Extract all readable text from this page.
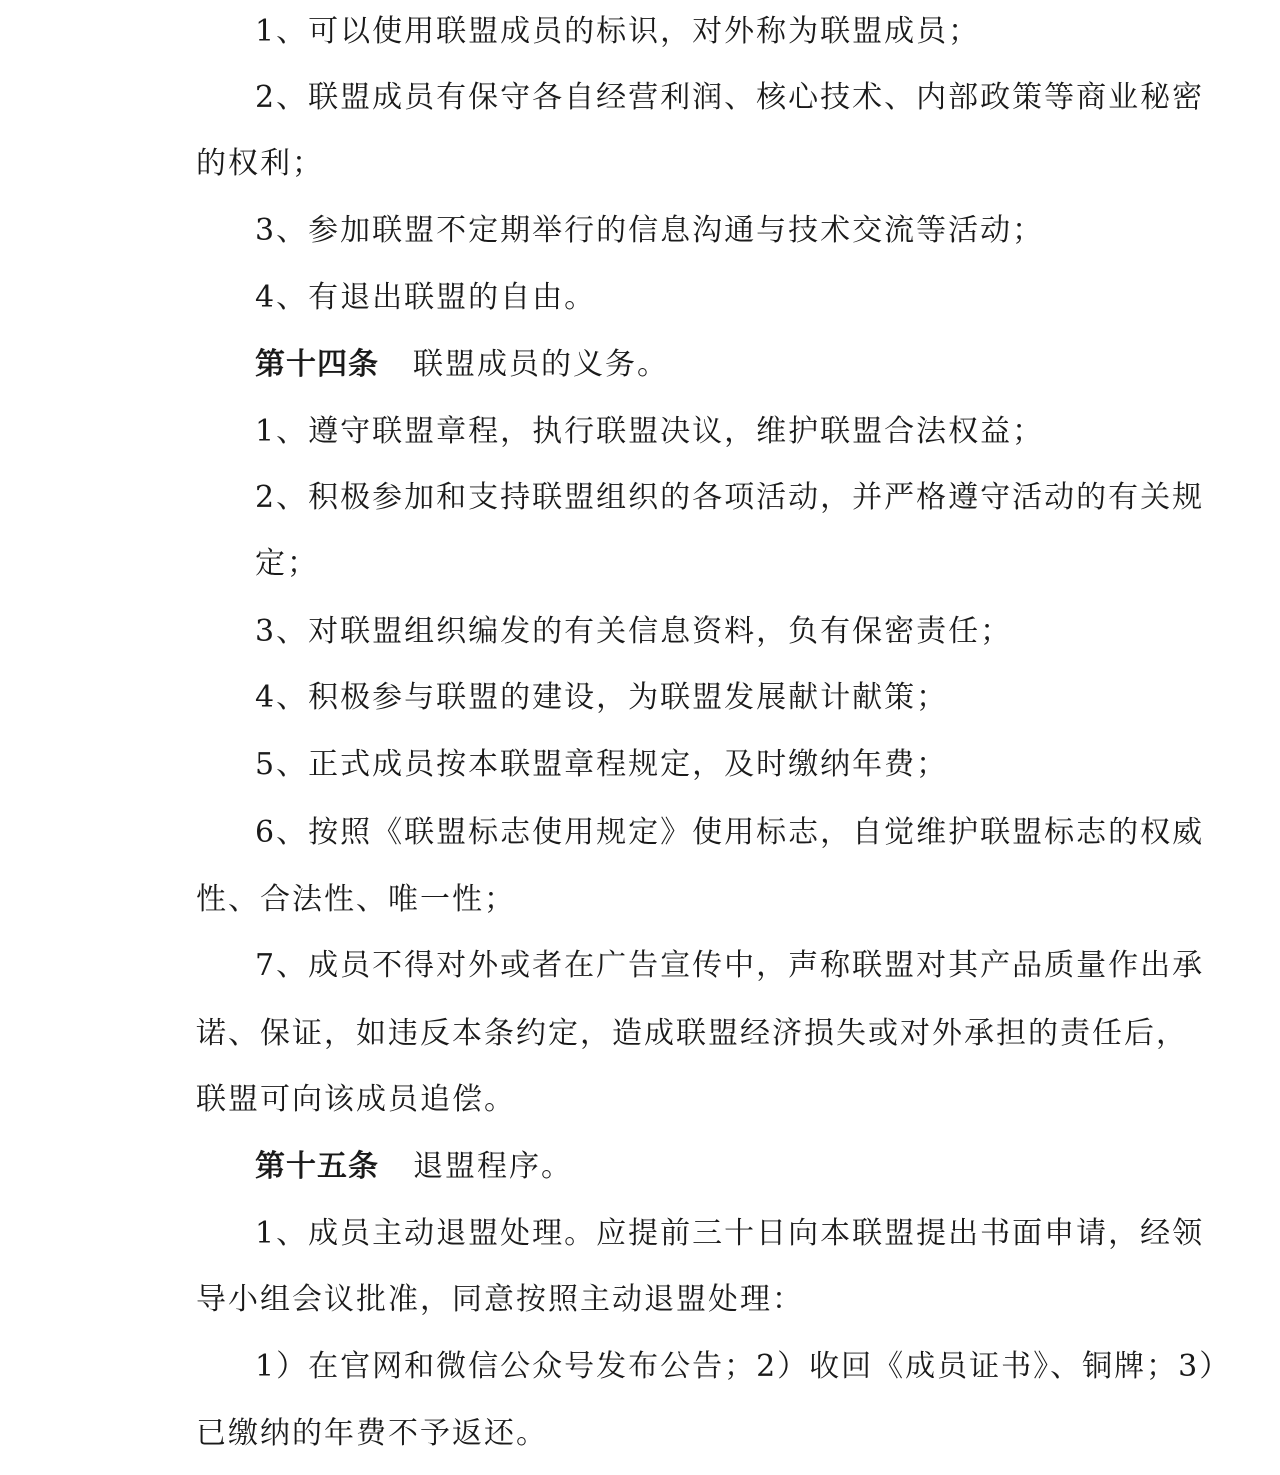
1、可以使用联盟成员的标识，对外称为联盟成员；
2、联盟成员有保守各自经营利润、核心技术、内部政策等商业秘密
的权利；
3、参加联盟不定期举行的信息沟通与技术交流等活动；
4、有退出联盟的自由。
第十四条 联盟成员的义务。
1、遵守联盟章程，执行联盟决议，维护联盟合法权益；
2、积极参加和支持联盟组织的各项活动，并严格遵守活动的有关规
定；
3、对联盟组织编发的有关信息资料，负有保密责任；
4、积极参与联盟的建设，为联盟发展献计献策；
5、正式成员按本联盟章程规定，及时缴纳年费；
6、按照《联盟标志使用规定》使用标志，自觉维护联盟标志的权威
性、合法性、唯一性；
7、成员不得对外或者在广告宣传中，声称联盟对其产品质量作出承
诺、保证，如违反本条约定，造成联盟经济损失或对外承担的责任后，
联盟可向该成员追偿。
第十五条 退盟程序。
1、成员主动退盟处理。应提前三十日向本联盟提出书面申请，经领
导小组会议批准，同意按照主动退盟处理：
1）在官网和微信公众号发布公告；2）收回《成员证书》、铜牌；3）
已缴纳的年费不予返还。
